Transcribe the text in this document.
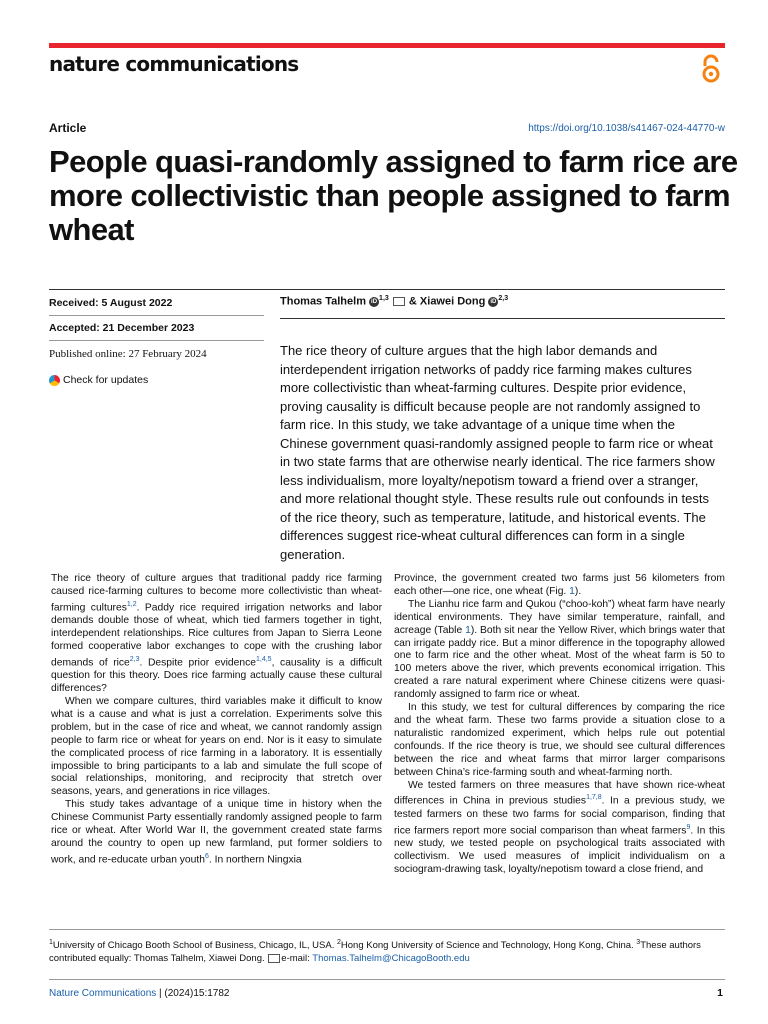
nature communications
Article	https://doi.org/10.1038/s41467-024-44770-w
People quasi-randomly assigned to farm rice are more collectivistic than people assigned to farm wheat
Received: 5 August 2022
Accepted: 21 December 2023
Published online: 27 February 2024
Check for updates
Thomas Talhelm iD $^{1,3}$ & Xiawei Dong iD $^{2,3}$

The rice theory of culture argues that the high labor demands and interdependent irrigation networks of paddy rice farming makes cultures more collectivistic than wheat-farming cultures. Despite prior evidence, proving causality is difficult because people are not randomly assigned to farm rice. In this study, we take advantage of a unique time when the Chinese government quasi-randomly assigned people to farm rice or wheat in two state farms that are otherwise nearly identical. The rice farmers show less individualism, more loyalty/nepotism toward a friend over a stranger, and more relational thought style. These results rule out confounds in tests of the rice theory, such as temperature, latitude, and historical events. The differences suggest rice-wheat cultural differences can form in a single generation.

The rice theory of culture argues that traditional paddy rice farming caused rice-farming cultures to become more collectivistic than wheat-farming cultures$^{1,2}$. Paddy rice required irrigation networks and labor demands double those of wheat, which tied farmers together in tight, interdependent relationships. Rice cultures from Japan to Sierra Leone formed cooperative labor exchanges to cope with the crushing labor demands of rice$^{2,3}$. Despite prior evidence$^{1,4,5}$, causality is a difficult question for this theory. Does rice farming actually cause these cultural differences?

When we compare cultures, third variables make it difficult to know what is a cause and what is just a correlation. Experiments solve this problem, but in the case of rice and wheat, we cannot randomly assign people to farm rice or wheat for years on end. Nor is it easy to simulate the complicated process of rice farming in a laboratory. It is essentially impossible to bring participants to a lab and simulate the full scope of social relationships, monitoring, and reciprocity that stretch over seasons, years, and generations in rice villages.

This study takes advantage of a unique time in history when the Chinese Communist Party essentially randomly assigned people to farm rice or wheat. After World War II, the government created state farms around the country to open up new farmland, put former soldiers to work, and re-educate urban youth$^6$. In northern Ningxia

Province, the government created two farms just 56 kilometers from each other—one rice, one wheat (Fig. 1).

The Lianhu rice farm and Qukou (“choo-koh”) wheat farm have nearly identical environments. They have similar temperature, rainfall, and acreage (Table 1). Both sit near the Yellow River, which brings water that can irrigate paddy rice. But a minor difference in the topography allowed one to farm rice and the other wheat. Most of the wheat farm is 50 to 100 meters above the river, which prevents economical irrigation. This created a rare natural experiment where Chinese citizens were quasi-randomly assigned to farm rice or wheat.

In this study, we test for cultural differences by comparing the rice and the wheat farm. These two farms provide a situation close to a naturalistic randomized experiment, which helps rule out potential confounds. If the rice theory is true, we should see cultural differences between the rice and wheat farms that mirror larger comparisons between China’s rice-farming south and wheat-farming north.

We tested farmers on three measures that have shown rice-wheat differences in China in previous studies$^{1,7,8}$. In a previous study, we tested farmers on these two farms for social comparison, finding that rice farmers report more social comparison than wheat farmers$^9$. In this new study, we tested people on psychological traits associated with collectivism. We used measures of implicit individualism on a sociogram-drawing task, loyalty/nepotism toward a close friend, and

$^1$University of Chicago Booth School of Business, Chicago, IL, USA. $^2$Hong Kong University of Science and Technology, Hong Kong, China. $^3$These authors contributed equally: Thomas Talhelm, Xiawei Dong. e-mail: Thomas.Talhelm@ChicagoBooth.edu
Nature Communications | (2024)15:1782	1
